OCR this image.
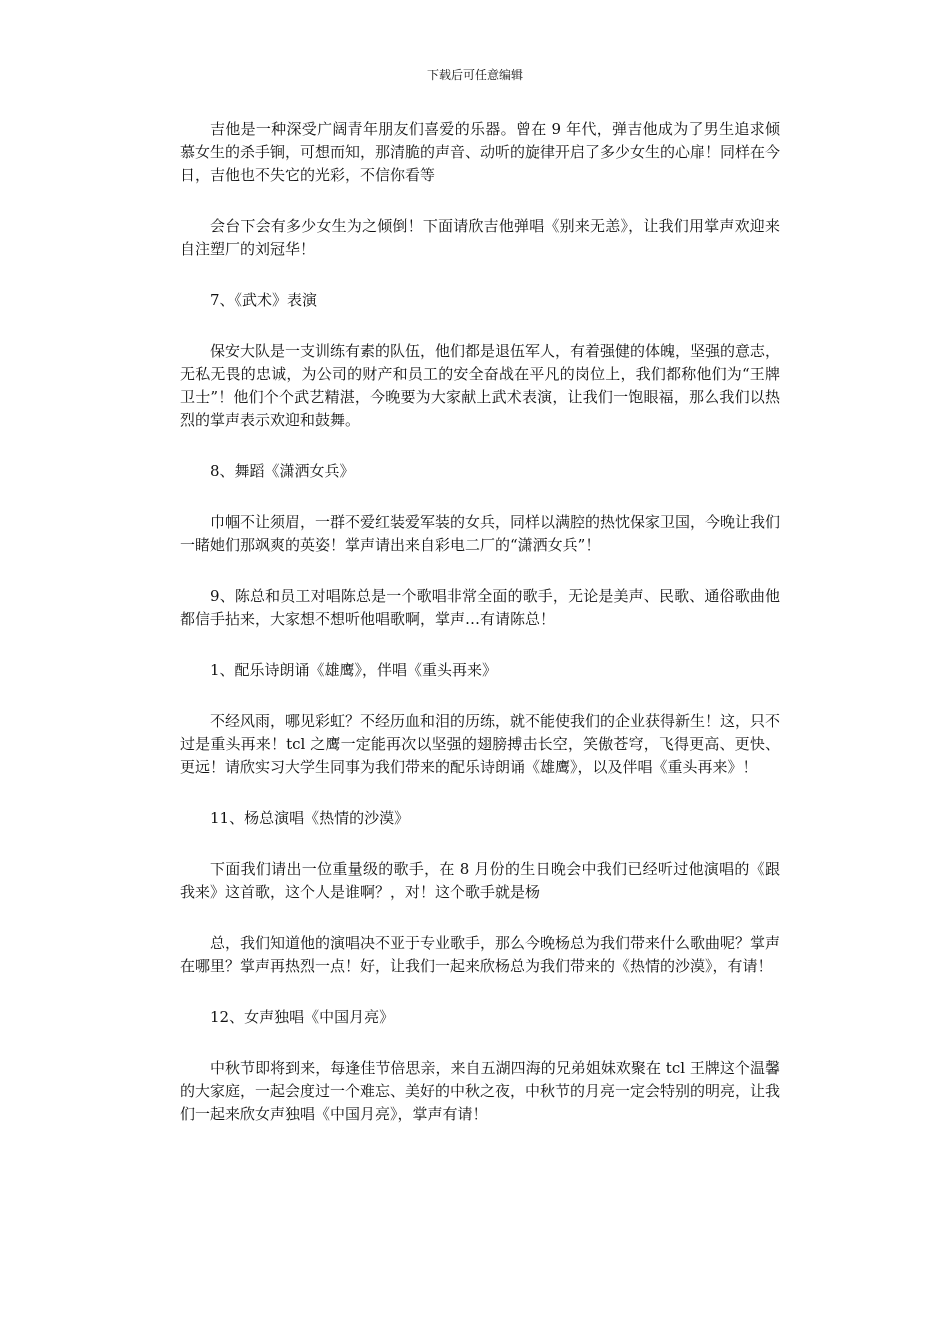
下载后可任意编辑

吉他是一种深受广阔青年朋友们喜爱的乐器。曾在 9 年代，弹吉他成为了男生追求倾慕女生的杀手锏，可想而知，那清脆的声音、动听的旋律开启了多少女生的心扉！同样在今日，吉他也不失它的光彩，不信你看等

会台下会有多少女生为之倾倒！下面请欣吉他弹唱《别来无恙》，让我们用掌声欢迎来自注塑厂的刘冠华！

7、《武术》表演

保安大队是一支训练有素的队伍，他们都是退伍军人，有着强健的体魄，坚强的意志，无私无畏的忠诚，为公司的财产和员工的安全奋战在平凡的岗位上，我们都称他们为“王牌卫士”！他们个个武艺精湛，今晚要为大家献上武术表演，让我们一饱眼福，那么我们以热烈的掌声表示欢迎和鼓舞。

8、舞蹈《潇洒女兵》

巾帼不让须眉，一群不爱红装爱军装的女兵，同样以满腔的热忱保家卫国，今晚让我们一睹她们那飒爽的英姿！掌声请出来自彩电二厂的“潇洒女兵”！

9、陈总和员工对唱陈总是一个歌唱非常全面的歌手，无论是美声、民歌、通俗歌曲他都信手拈来，大家想不想听他唱歌啊，掌声…有请陈总！

1、配乐诗朗诵《雄鹰》，伴唱《重头再来》

不经风雨，哪见彩虹？不经历血和泪的历练，就不能使我们的企业获得新生！这，只不过是重头再来！tcl 之鹰一定能再次以坚强的翅膀搏击长空，笑傲苍穹，飞得更高、更快、更远！请欣实习大学生同事为我们带来的配乐诗朗诵《雄鹰》，以及伴唱《重头再来》！

11、杨总演唱《热情的沙漠》

下面我们请出一位重量级的歌手，在 8 月份的生日晚会中我们已经听过他演唱的《跟我来》这首歌，这个人是谁啊？，对！这个歌手就是杨

总，我们知道他的演唱决不亚于专业歌手，那么今晚杨总为我们带来什么歌曲呢？掌声在哪里？掌声再热烈一点！好，让我们一起来欣杨总为我们带来的《热情的沙漠》，有请！

12、女声独唱《中国月亮》

中秋节即将到来，每逢佳节倍思亲，来自五湖四海的兄弟姐妹欢聚在 tcl 王牌这个温馨的大家庭，一起会度过一个难忘、美好的中秋之夜，中秋节的月亮一定会特别的明亮，让我们一起来欣女声独唱《中国月亮》，掌声有请！
